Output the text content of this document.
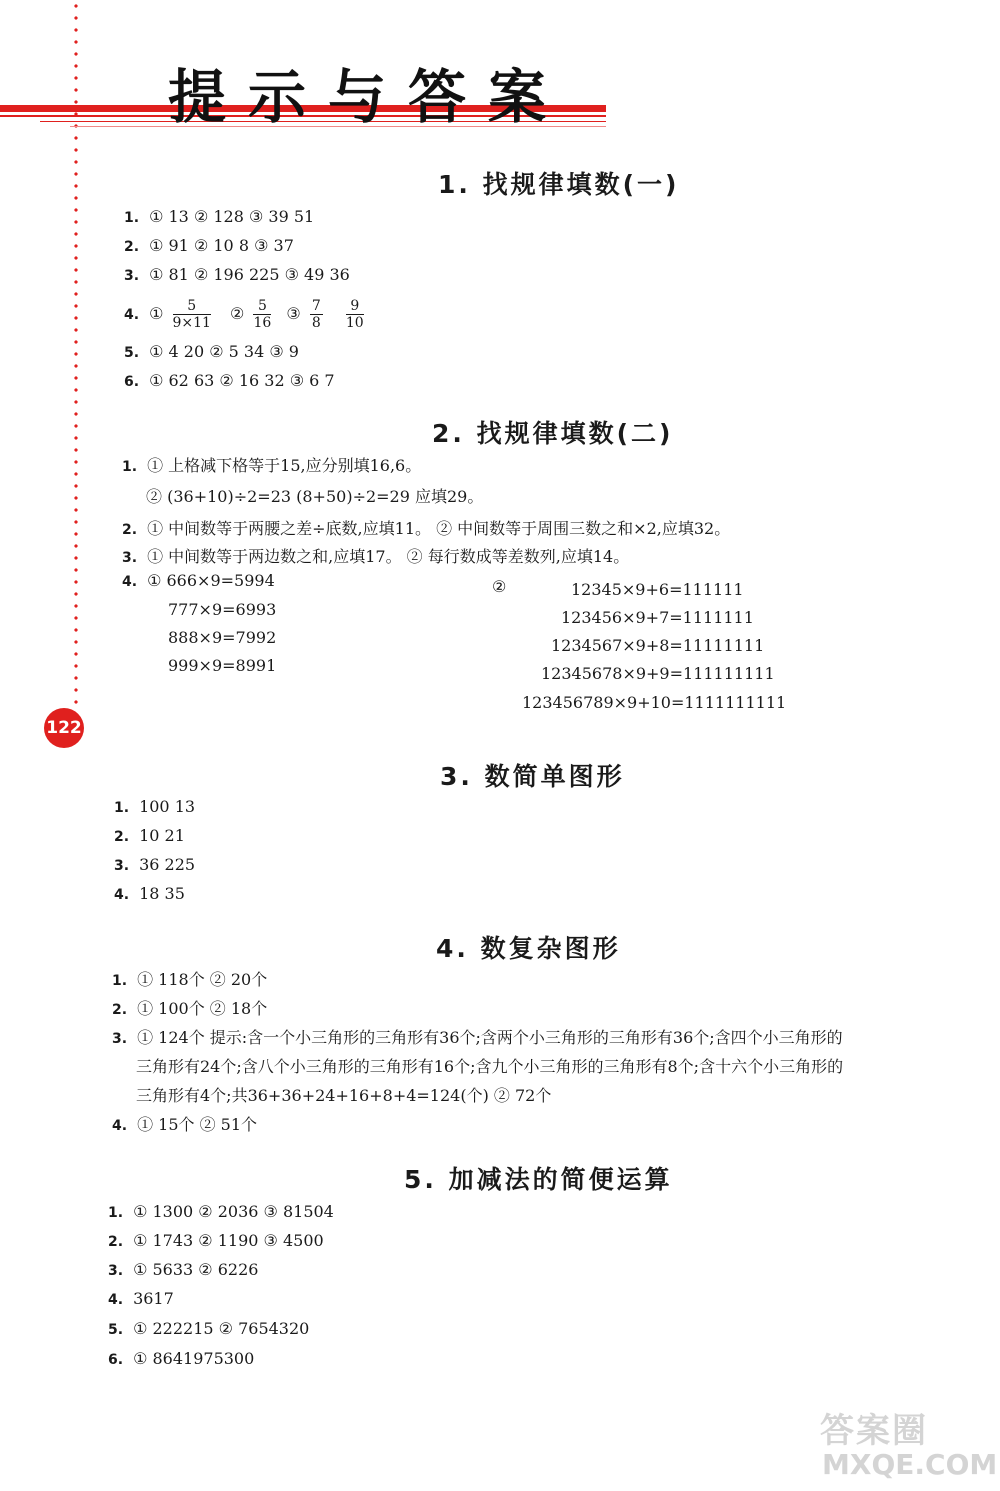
提示与答案
122
1. 找规律填数(一)
1. ① 13 ② 128 ③ 39 51
2. ① 91 ② 10 8 ③ 37
3. ① 81 ② 196 225 ③ 49 36
4. ① $\frac{5}{9\times 11}$ ② $\frac{5}{16}$ ③ $\frac{7}{8}$
$\frac{9}{10}$
5. ① 4 20 ② 5 34 ③ 9
6. ① 62 63 ② 16 32 ③ 6 7
2. 找规律填数(二)
1. ① 上格减下格等于15,应分别填16,6。
② (36+10)÷2=23 (8+50)÷2=29 应填29。
2. ① 中间数等于两腰之差÷底数,应填11。 ② 中间数等于周围三数之和×2,应填32。
3. ① 中间数等于两边数之和,应填17。 ② 每行数成等差数列,应填14。
4. ① 666×9=5994
777×9=6993
888×9=7992
999×9=8991
②	12345×9+6=111111
123456×9+7=1111111
1234567×9+8=11111111
12345678×9+9=111111111
123456789×9+10=1111111111
3. 数简单图形
1. 100 13
2. 10 21
3. 36 225
4. 18 35
4. 数复杂图形
1. ① 118个 ② 20个
2. ① 100个 ② 18个
3. ① 124个 提示:含一个小三角形的三角形有36个;含两个小三角形的三角形有36个;含四个小三角形的
三角形有24个;含八个小三角形的三角形有16个;含九个小三角形的三角形有8个;含十六个小三角形的
三角形有4个;共36+36+24+16+8+4=124(个) ② 72个
4. ① 15个 ② 51个
5. 加减法的简便运算
1. ① 1300 ② 2036 ③ 81504
2. ① 1743 ② 1190 ③ 4500
3. ① 5633 ② 6226
4. 3617
5. ① 222215 ② 7654320
6. ① 8641975300
答案圈
MXQE.COM
